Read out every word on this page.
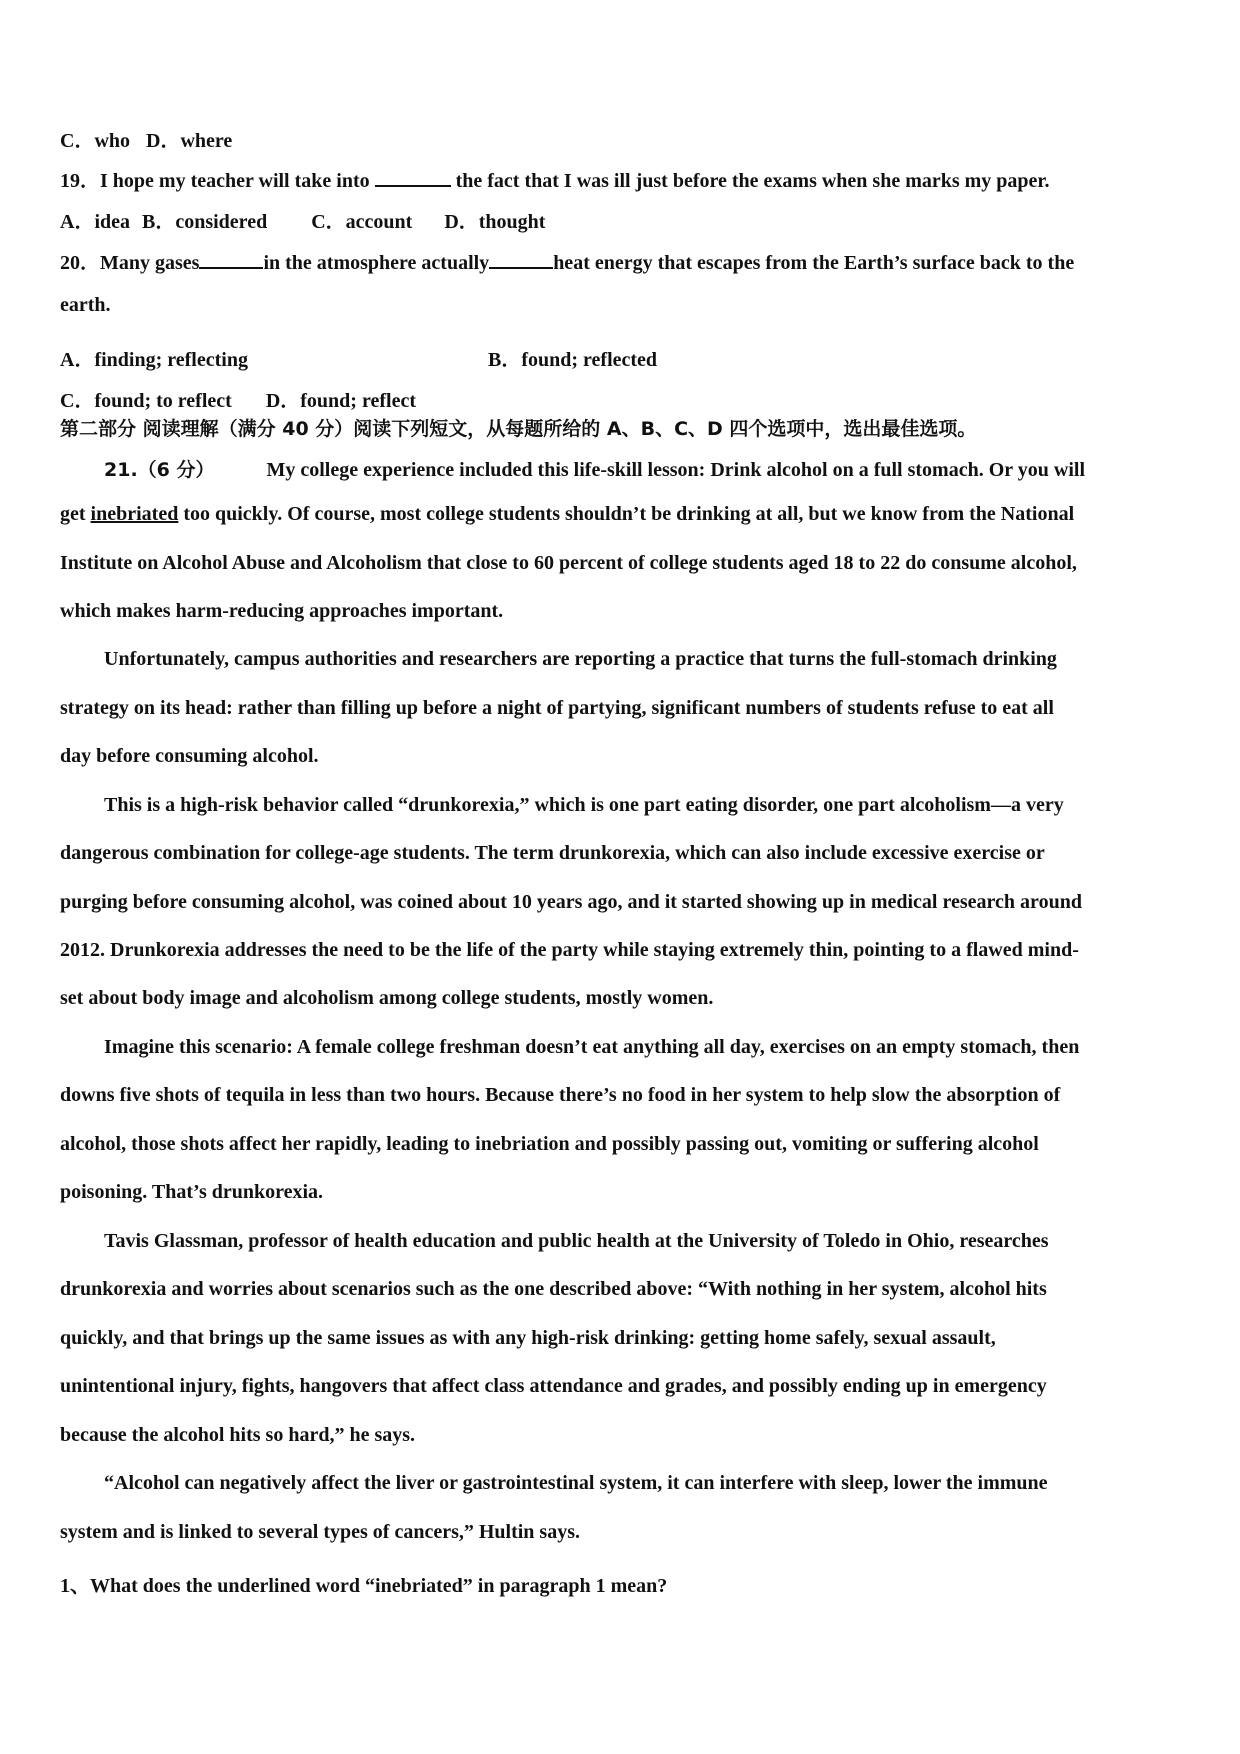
C．who D．where
19．I hope my teacher will take into	the fact that I was ill just before the exams when she marks my paper.
A．idea B．considered C．account D．thought
20．Many gases	in the atmosphere actually	heat energy that escapes from the Earth’s surface back to the
earth.
A．finding; reflecting	B．found; reflected
C．found; to reflect D．found; reflect
第二部分 阅读理解（满分 40 分）阅读下列短文，从每题所给的 A、B、C、D 四个选项中，选出最佳选项。
21.（6 分）	My college experience included this life-skill lesson: Drink alcohol on a full stomach. Or you will
get inebriated too quickly. Of course, most college students shouldn’t be drinking at all, but we know from the National
Institute on Alcohol Abuse and Alcoholism that close to 60 percent of college students aged 18 to 22 do consume alcohol,
which makes harm-reducing approaches important.
Unfortunately, campus authorities and researchers are reporting a practice that turns the full-stomach drinking
strategy on its head: rather than filling up before a night of partying, significant numbers of students refuse to eat all
day before consuming alcohol.
This is a high-risk behavior called “drunkorexia,” which is one part eating disorder, one part alcoholism—a very
dangerous combination for college-age students. The term drunkorexia, which can also include excessive exercise or
purging before consuming alcohol, was coined about 10 years ago, and it started showing up in medical research around
2012. Drunkorexia addresses the need to be the life of the party while staying extremely thin, pointing to a flawed mind-
set about body image and alcoholism among college students, mostly women.
Imagine this scenario: A female college freshman doesn’t eat anything all day, exercises on an empty stomach, then
downs five shots of tequila in less than two hours. Because there’s no food in her system to help slow the absorption of
alcohol, those shots affect her rapidly, leading to inebriation and possibly passing out, vomiting or suffering alcohol
poisoning. That’s drunkorexia.
Tavis Glassman, professor of health education and public health at the University of Toledo in Ohio, researches
drunkorexia and worries about scenarios such as the one described above: “With nothing in her system, alcohol hits
quickly, and that brings up the same issues as with any high-risk drinking: getting home safely, sexual assault,
unintentional injury, fights, hangovers that affect class attendance and grades, and possibly ending up in emergency
because the alcohol hits so hard,” he says.
“Alcohol can negatively affect the liver or gastrointestinal system, it can interfere with sleep, lower the immune
system and is linked to several types of cancers,” Hultin says.
1、What does the underlined word “inebriated” in paragraph 1 mean?
